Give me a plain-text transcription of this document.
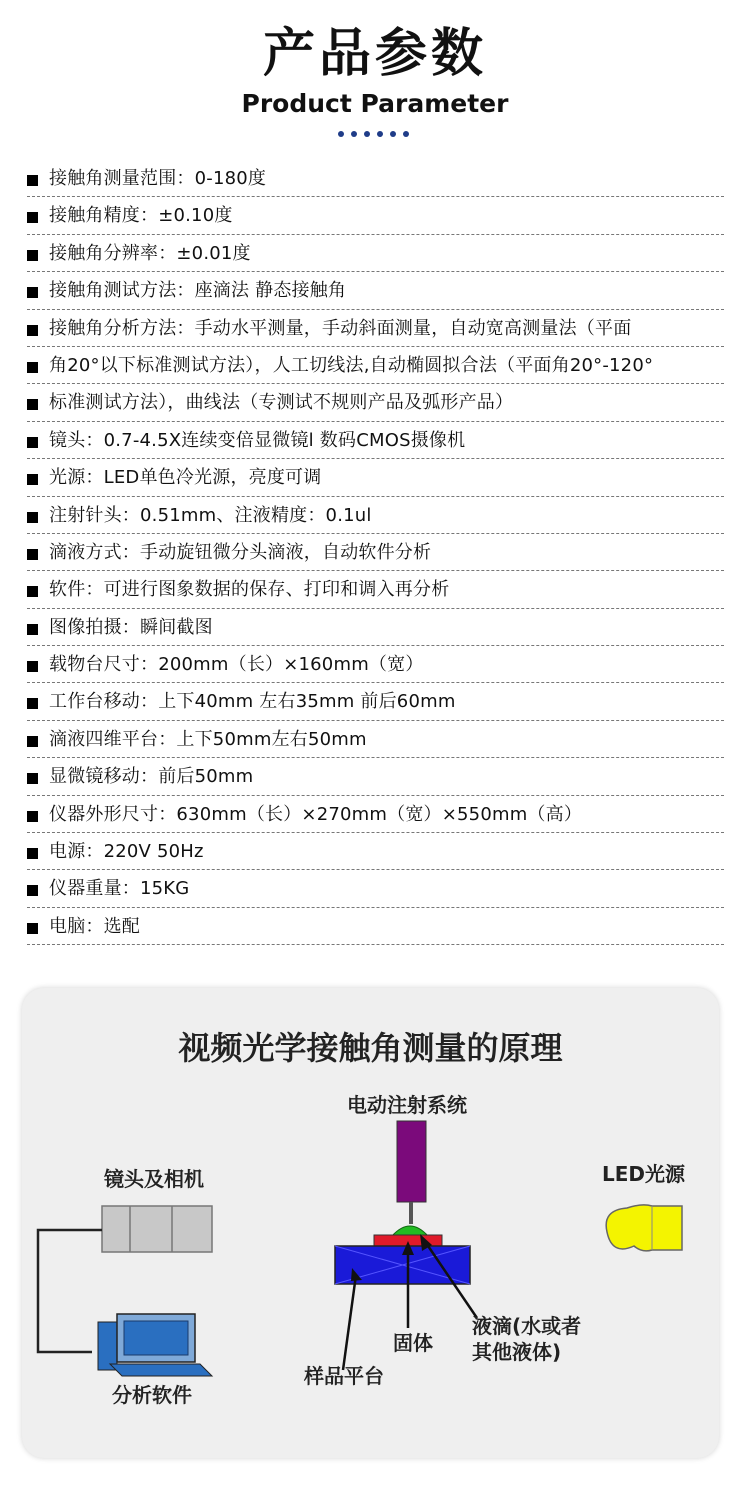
产品参数
Product Parameter
接触角测量范围：0-180度
接触角精度：±0.10度
接触角分辨率：±0.01度
接触角测试方法：座滴法 静态接触角
接触角分析方法：手动水平测量，手动斜面测量，自动宽高测量法（平面
角20°以下标准测试方法），人工切线法,自动椭圆拟合法（平面角20°-120°
标准测试方法），曲线法（专测试不规则产品及弧形产品）
镜头：0.7-4.5X连续变倍显微镜l 数码CMOS摄像机
光源：LED单色冷光源，亮度可调
注射针头：0.51mm、注液精度：0.1ul
滴液方式：手动旋钮微分头滴液，自动软件分析
软件：可进行图象数据的保存、打印和调入再分析
图像拍摄：瞬间截图
载物台尺寸：200mm（长）×160mm（宽）
工作台移动：上下40mm 左右35mm 前后60mm
滴液四维平台：上下50mm左右50mm
显微镜移动：前后50mm
仪器外形尺寸：630mm（长）×270mm（宽）×550mm（高）
电源：220V 50Hz
仪器重量：15KG
电脑：选配
视频光学接触角测量的原理
电动注射系统
LED光源
镜头及相机
分析软件
液滴(水或者
其他液体)
固体
样品平台
